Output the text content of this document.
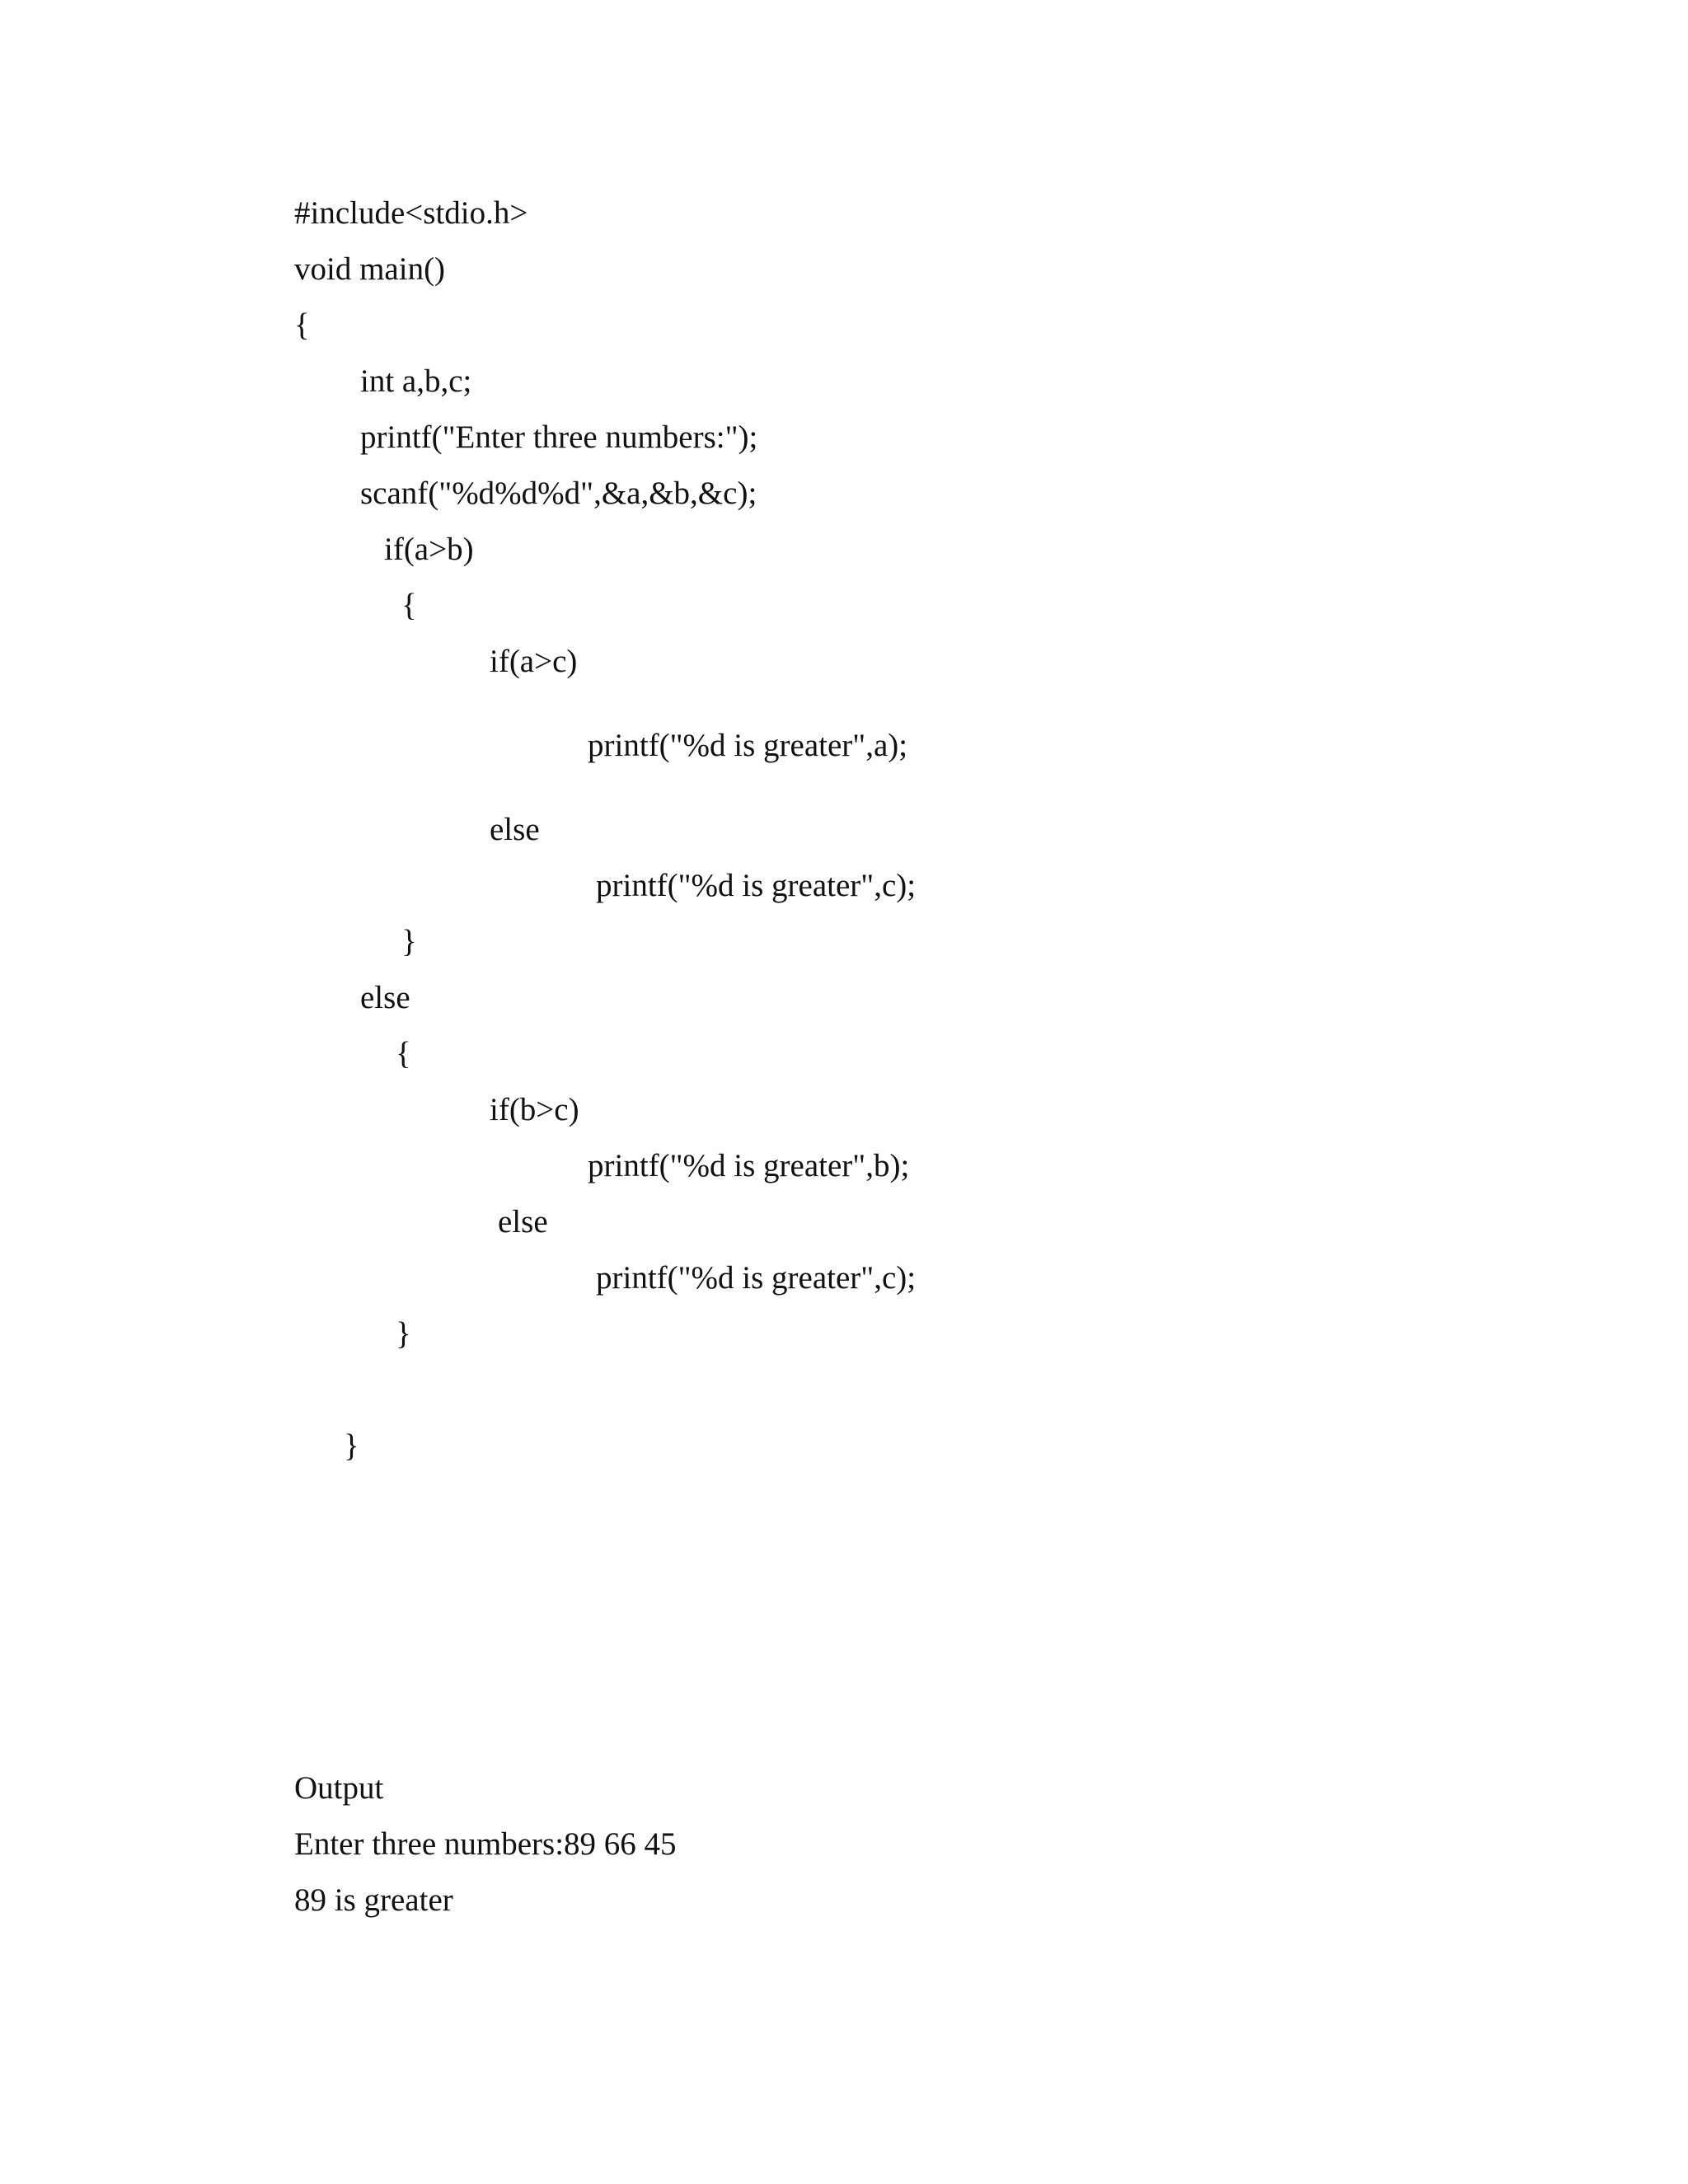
#include<stdio.h>
void main()
{
int a,b,c;
printf("Enter three numbers:");
scanf("%d%d%d",&a,&b,&c);
if(a>b)
{
if(a>c)
printf("%d is greater",a);
else
printf("%d is greater",c);
}
else
{
if(b>c)
printf("%d is greater",b);
else
printf("%d is greater",c);
}
}
Output
Enter three numbers:89 66 45
89 is greater
